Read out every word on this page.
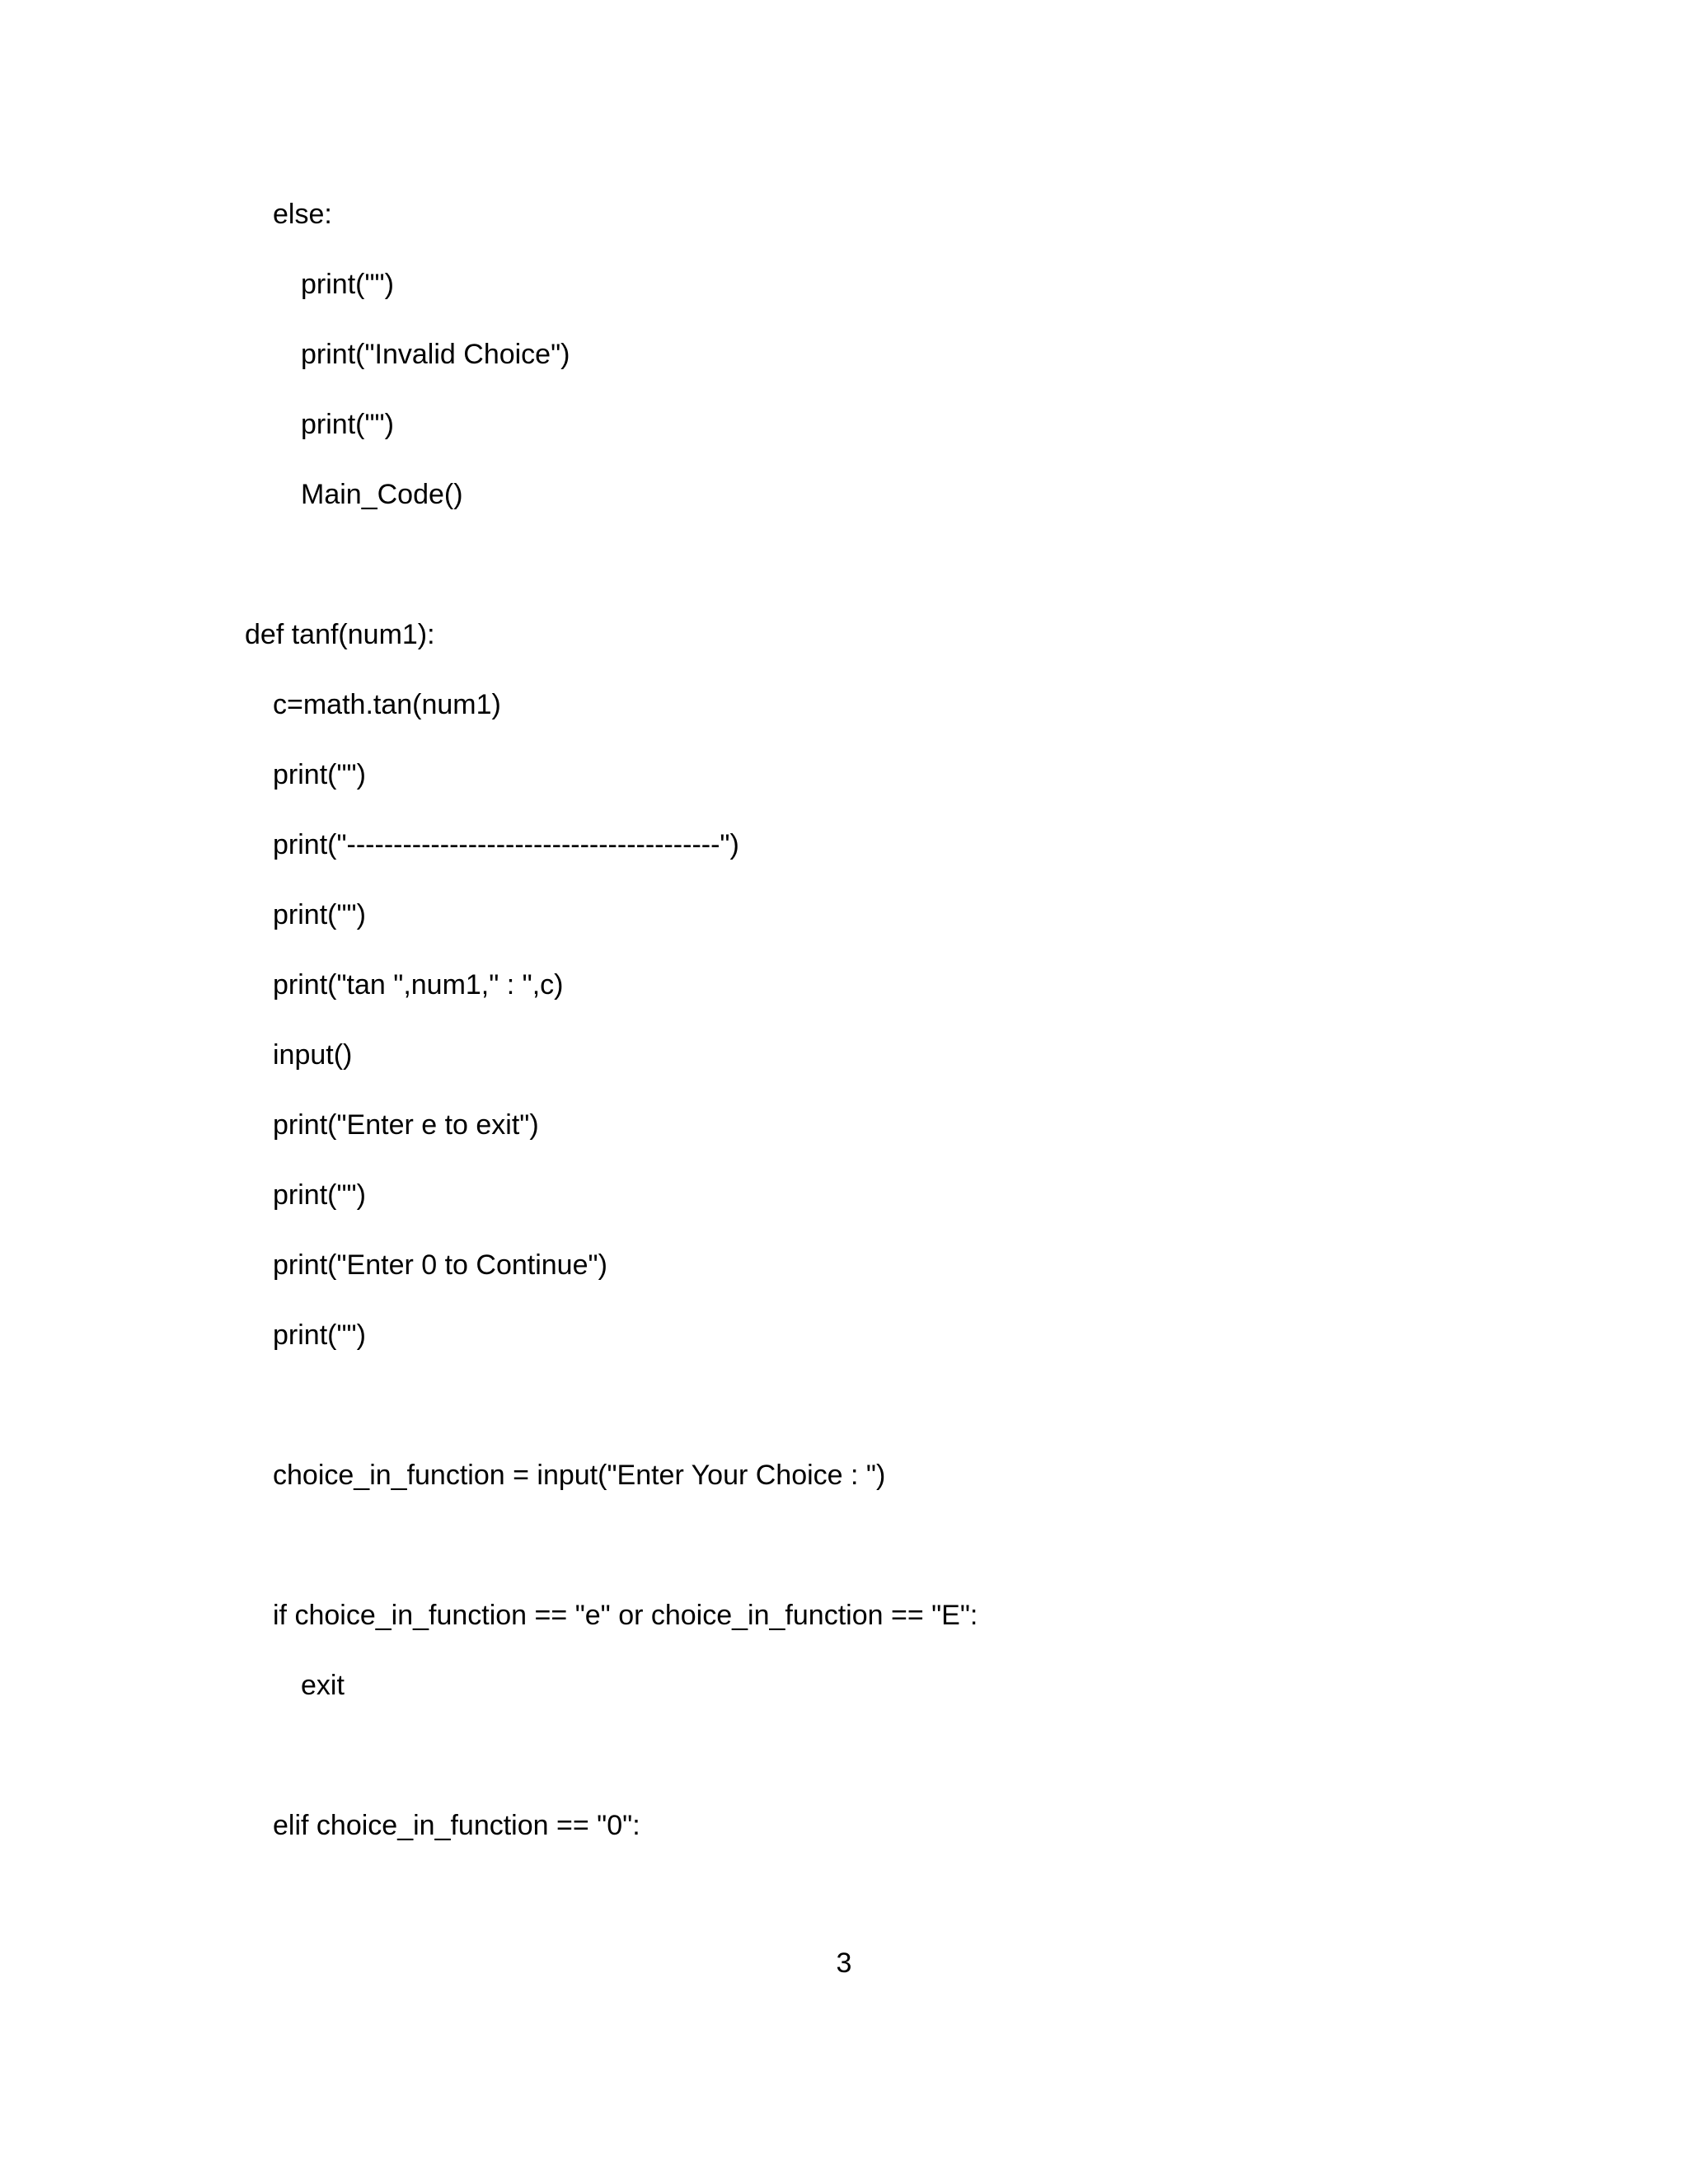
else:
print("")
print("Invalid Choice")
print("")
Main_Code()
def tanf(num1):
c=math.tan(num1)
print("")
print("----------------------------------------")
print("")
print("tan ",num1," : ",c)
input()
print("Enter e to exit")
print("")
print("Enter 0 to Continue")
print("")
choice_in_function = input("Enter Your Choice : ")
if choice_in_function == "e" or choice_in_function == "E":
exit
elif choice_in_function == "0":
3
